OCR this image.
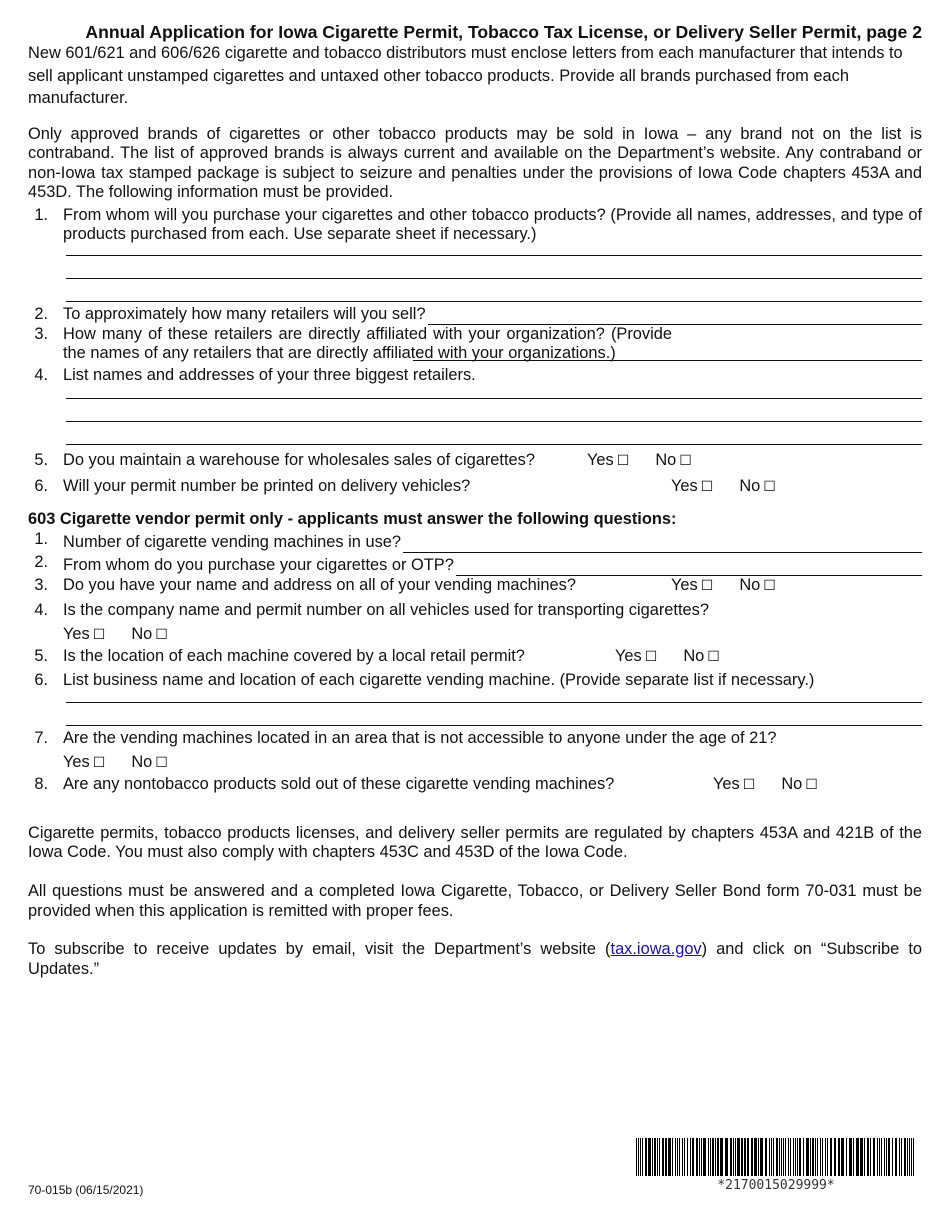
Annual Application for Iowa Cigarette Permit, Tobacco Tax License, or Delivery Seller Permit, page 2

New 601/621 and 606/626 cigarette and tobacco distributors must enclose letters from each manufacturer that intends to sell applicant unstamped cigarettes and untaxed other tobacco products. Provide all brands purchased from each manufacturer.

Only approved brands of cigarettes or other tobacco products may be sold in Iowa – any brand not on the list is contraband. The list of approved brands is always current and available on the Department’s website. Any contraband or non-Iowa tax stamped package is subject to seizure and penalties under the provisions of Iowa Code chapters 453A and 453D. The following information must be provided.

1. From whom will you purchase your cigarettes and other tobacco products? (Provide all names, addresses, and type of products purchased from each. Use separate sheet if necessary.)
2. To approximately how many retailers will you sell?
3. How many of these retailers are directly affiliated with your organization? (Provide the names of any retailers that are directly affiliated with your organizations.)
4. List names and addresses of your three biggest retailers.
5. Do you maintain a warehouse for wholesales sales of cigarettes?	Yes ☐ No ☐
6. Will your permit number be printed on delivery vehicles?	Yes ☐ No ☐

603 Cigarette vendor permit only - applicants must answer the following questions:

1. Number of cigarette vending machines in use?
2. From whom do you purchase your cigarettes or OTP?
3. Do you have your name and address on all of your vending machines?	Yes ☐ No ☐
4. Is the company name and permit number on all vehicles used for transporting cigarettes?
Yes ☐ No ☐
5. Is the location of each machine covered by a local retail permit?	Yes ☐ No ☐
6. List business name and location of each cigarette vending machine. (Provide separate list if necessary.)
7. Are the vending machines located in an area that is not accessible to anyone under the age of 21?
Yes ☐ No ☐
8. Are any nontobacco products sold out of these cigarette vending machines?	Yes ☐ No ☐

Cigarette permits, tobacco products licenses, and delivery seller permits are regulated by chapters 453A and 421B of the Iowa Code. You must also comply with chapters 453C and 453D of the Iowa Code.

All questions must be answered and a completed Iowa Cigarette, Tobacco, or Delivery Seller Bond form 70-031 must be provided when this application is remitted with proper fees.

To subscribe to receive updates by email, visit the Department’s website (tax.iowa.gov) and click on “Subscribe to Updates.”

70-015b (06/15/2021)	*2170015029999*
